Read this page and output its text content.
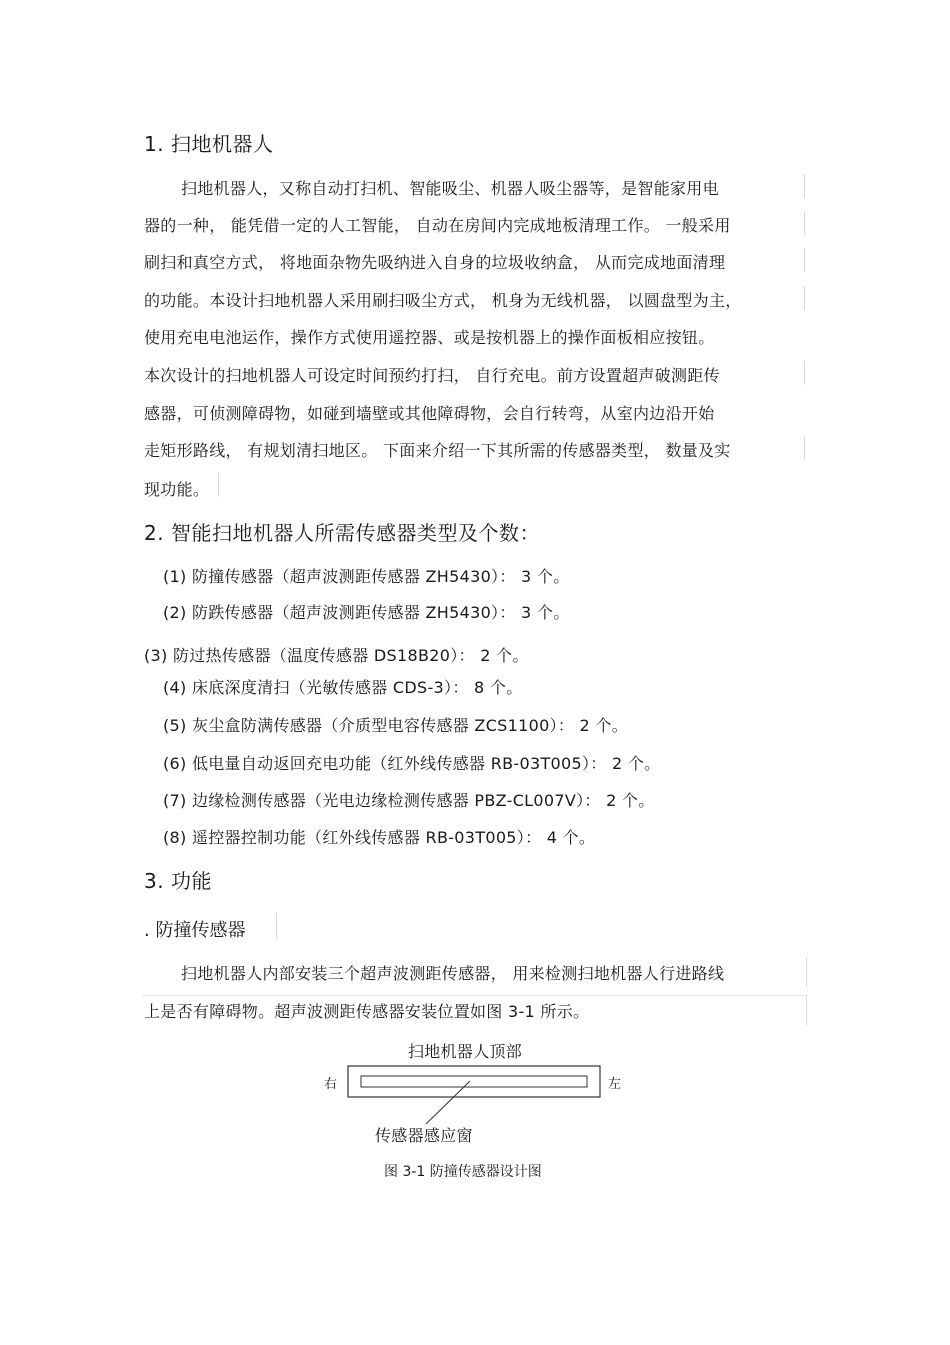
1. 扫地机器人
扫地机器人，又称自动打扫机、智能吸尘、机器人吸尘器等，是智能家用电
器的一种， 能凭借一定的人工智能， 自动在房间内完成地板清理工作。 一般采用
刷扫和真空方式， 将地面杂物先吸纳进入自身的垃圾收纳盒， 从而完成地面清理
的功能。本设计扫地机器人采用刷扫吸尘方式， 机身为无线机器， 以圆盘型为主，
使用充电电池运作，操作方式使用遥控器、或是按机器上的操作面板相应按钮。
本次设计的扫地机器人可设定时间预约打扫， 自行充电。前方设置超声破测距传
感器，可侦测障碍物，如碰到墙壁或其他障碍物，会自行转弯，从室内边沿开始
走矩形路线， 有规划清扫地区。 下面来介绍一下其所需的传感器类型， 数量及实
现功能。
2. 智能扫地机器人所需传感器类型及个数：
(1) 防撞传感器（超声波测距传感器 ZH5430）： 3 个。
(2) 防跌传感器（超声波测距传感器 ZH5430）： 3 个。
(3) 防过热传感器（温度传感器 DS18B20）： 2 个。
(4) 床底深度清扫（光敏传感器 CDS-3）： 8 个。
(5) 灰尘盒防满传感器（介质型电容传感器 ZCS1100）： 2 个。
(6) 低电量自动返回充电功能（红外线传感器 RB-03T005）： 2 个。
(7) 边缘检测传感器（光电边缘检测传感器 PBZ-CL007V）： 2 个。
(8) 遥控器控制功能（红外线传感器 RB-03T005）： 4 个。
3. 功能
. 防撞传感器
扫地机器人内部安装三个超声波测距传感器， 用来检测扫地机器人行进路线
上是否有障碍物。超声波测距传感器安装位置如图 3-1 所示。
扫地机器人顶部
右	左
传感器感应窗
图 3-1 防撞传感器设计图
